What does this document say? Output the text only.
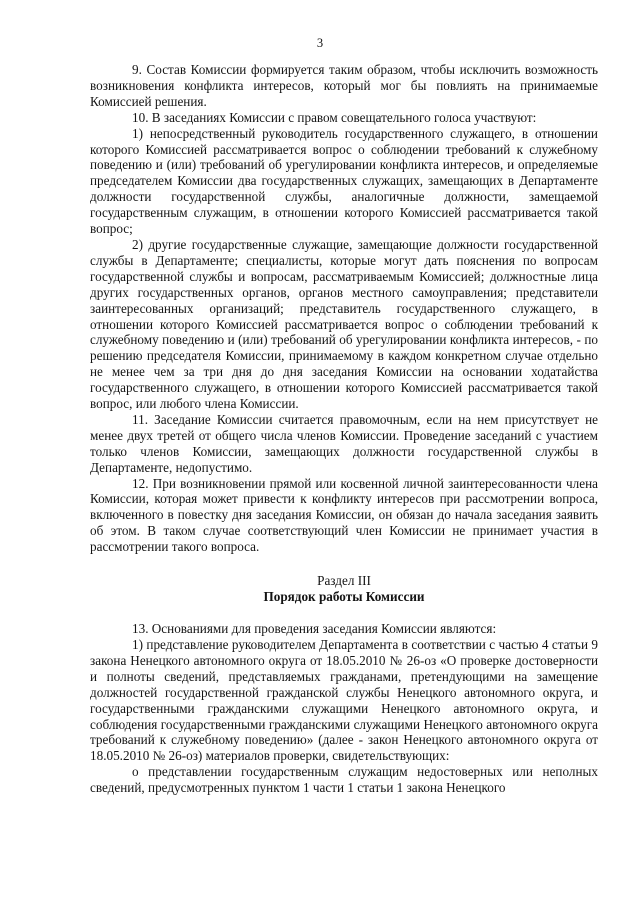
3

9. Состав Комиссии формируется таким образом, чтобы исключить возможность возникновения конфликта интересов, который мог бы повлиять на принимаемые Комиссией решения.

10. В заседаниях Комиссии с правом совещательного голоса участвуют:

1) непосредственный руководитель государственного служащего, в отношении которого Комиссией рассматривается вопрос о соблюдении требований к служебному поведению и (или) требований об урегулировании конфликта интересов, и определяемые председателем Комиссии два государственных служащих, замещающих в Департаменте должности государственной службы, аналогичные должности, замещаемой государственным служащим, в отношении которого Комиссией рассматривается такой вопрос;

2) другие государственные служащие, замещающие должности государственной службы в Департаменте; специалисты, которые могут дать пояснения по вопросам государственной службы и вопросам, рассматриваемым Комиссией; должностные лица других государственных органов, органов местного самоуправления; представители заинтересованных организаций; представитель государственного служащего, в отношении которого Комиссией рассматривается вопрос о соблюдении требований к служебному поведению и (или) требований об урегулировании конфликта интересов, - по решению председателя Комиссии, принимаемому в каждом конкретном случае отдельно не менее чем за три дня до дня заседания Комиссии на основании ходатайства государственного служащего, в отношении которого Комиссией рассматривается такой вопрос, или любого члена Комиссии.

11. Заседание Комиссии считается правомочным, если на нем присутствует не менее двух третей от общего числа членов Комиссии. Проведение заседаний с участием только членов Комиссии, замещающих должности государственной службы в Департаменте, недопустимо.

12. При возникновении прямой или косвенной личной заинтересованности члена Комиссии, которая может привести к конфликту интересов при рассмотрении вопроса, включенного в повестку дня заседания Комиссии, он обязан до начала заседания заявить об этом. В таком случае соответствующий член Комиссии не принимает участия в рассмотрении такого вопроса.

Раздел III
Порядок работы Комиссии

13. Основаниями для проведения заседания Комиссии являются:

1) представление руководителем Департамента в соответствии с частью 4 статьи 9 закона Ненецкого автономного округа от 18.05.2010 № 26-оз «О проверке достоверности и полноты сведений, представляемых гражданами, претендующими на замещение должностей государственной гражданской службы Ненецкого автономного округа, и государственными гражданскими служащими Ненецкого автономного округа, и соблюдения государственными гражданскими служащими Ненецкого автономного округа требований к служебному поведению» (далее - закон Ненецкого автономного округа от 18.05.2010 № 26-оз) материалов проверки, свидетельствующих:

о представлении государственным служащим недостоверных или неполных сведений, предусмотренных пунктом 1 части 1 статьи 1 закона Ненецкого
